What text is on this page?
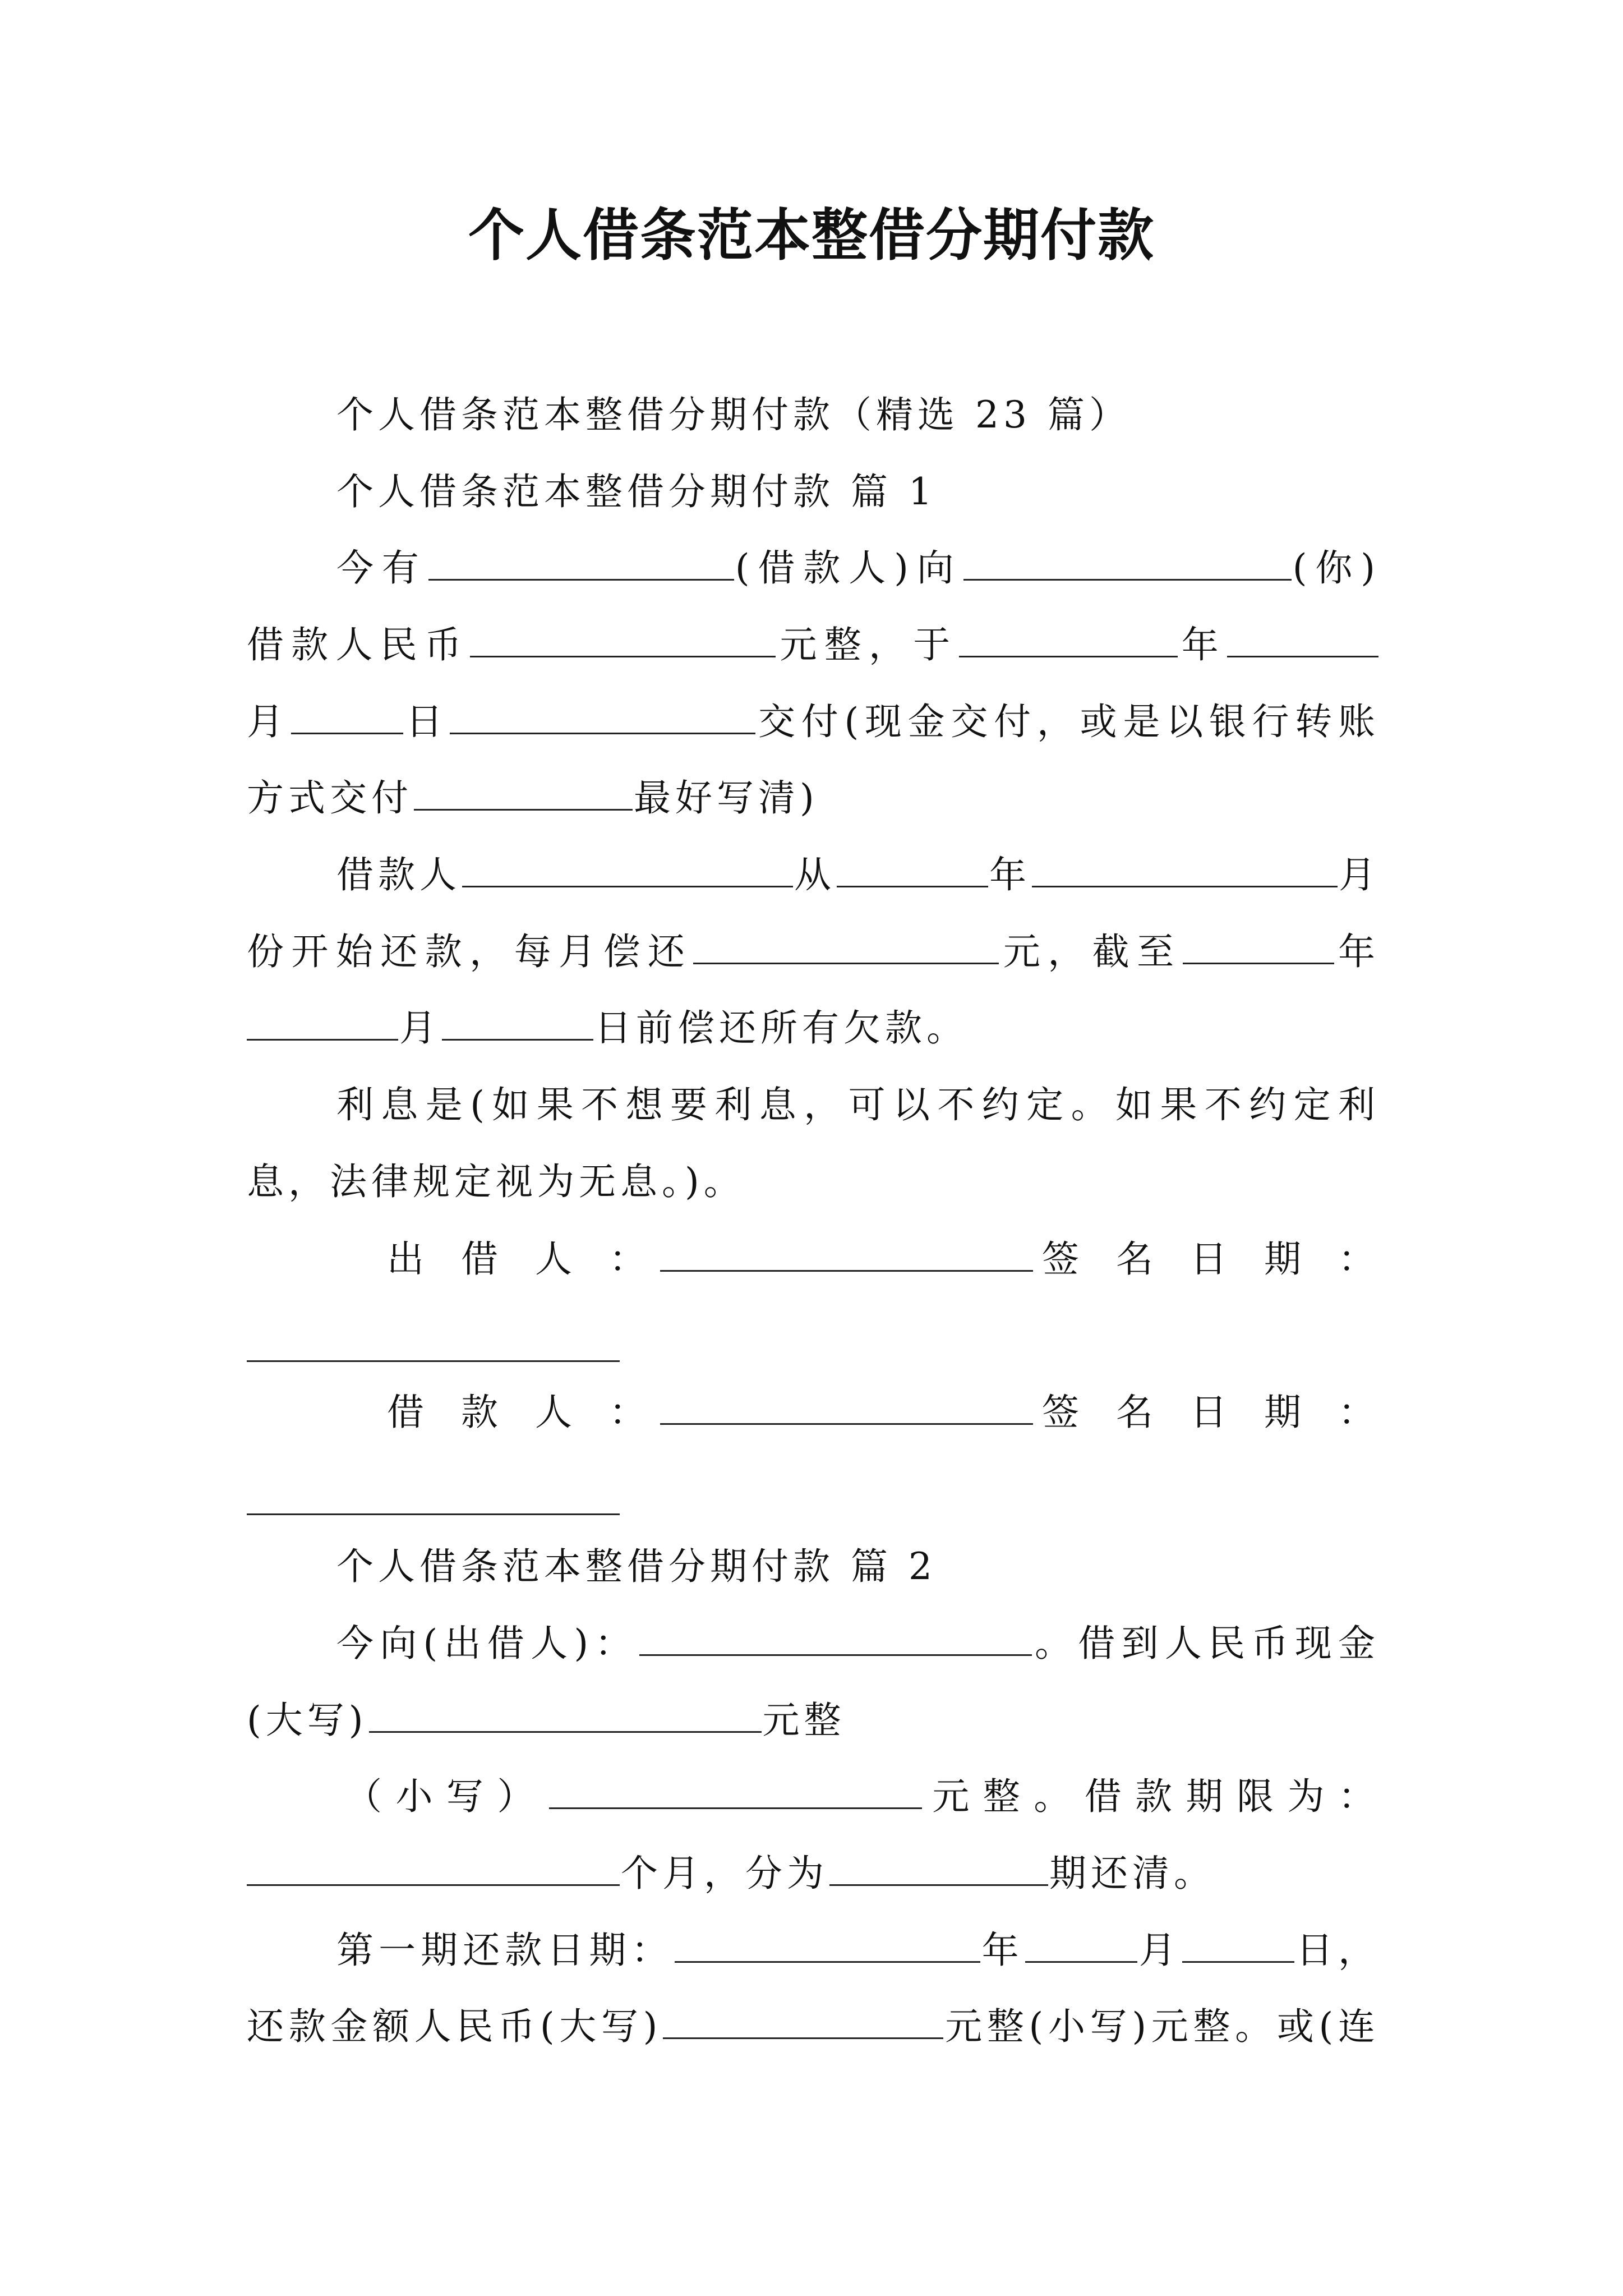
个人借条范本整借分期付款
个人借条范本整借分期付款（精选 23 篇）
个人借条范本整借分期付款 篇 1
今有	(借款人)向	(你)
借款人民币	元整，于	年
月	日	交付(现金交付，或是以银行转账
方式交付	最好写清)
借款人	从	年	月
份开始还款，每月偿还	元，截至	年
月	日前偿还所有欠款。
利息是(如果不想要利息，可以不约定。如果不约定利
息，法律规定视为无息。)。
出 借 人 ：	签 名 日 期 ：
借 款 人 ：	签 名 日 期 ：
个人借条范本整借分期付款 篇 2
今向(出借人)：	。借到人民币现金
(大写)	元整
（小写）	元整。借款期限为：
个月，分为	期还清。
第一期还款日期：	年	月	日，
还款金额人民币(大写)	元整(小写)元整。或(连
